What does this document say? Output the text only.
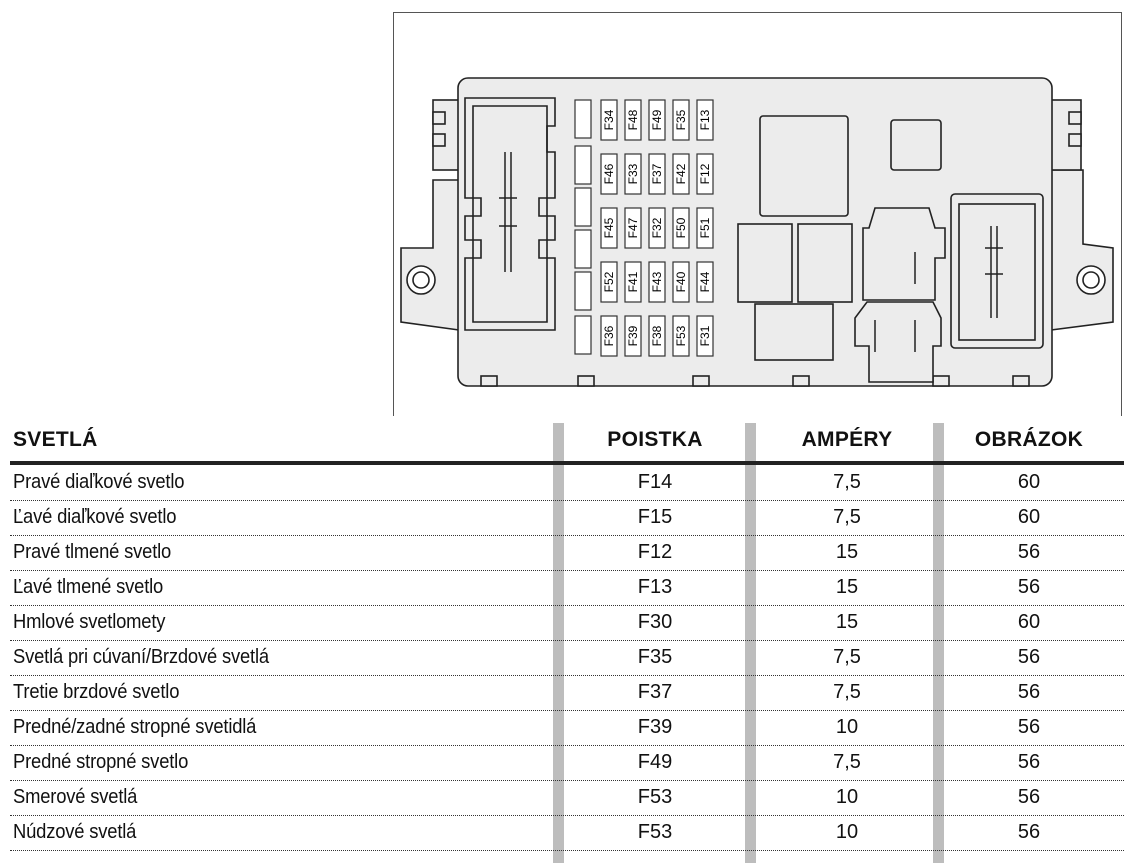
F34
F46
F45
F52
F36
F48
F33
F47
F41
F39
F49
F37
F32
F43
F38
F35
F42
F50
F40
F53
F13
F12
F51
F44
F31
SVETLÁ	POISTKA	AMPÉRY	OBRÁZOK
Pravé diaľkové svetlo	F14	7,5	60
Ľavé diaľkové svetlo	F15	7,5	60
Pravé tlmené svetlo	F12	15	56
Ľavé tlmené svetlo	F13	15	56
Hmlové svetlomety	F30	15	60
Svetlá pri cúvaní/Brzdové svetlá	F35	7,5	56
Tretie brzdové svetlo	F37	7,5	56
Predné/zadné stropné svetidlá	F39	10	56
Predné stropné svetlo	F49	7,5	56
Smerové svetlá	F53	10	56
Núdzové svetlá	F53	10	56
